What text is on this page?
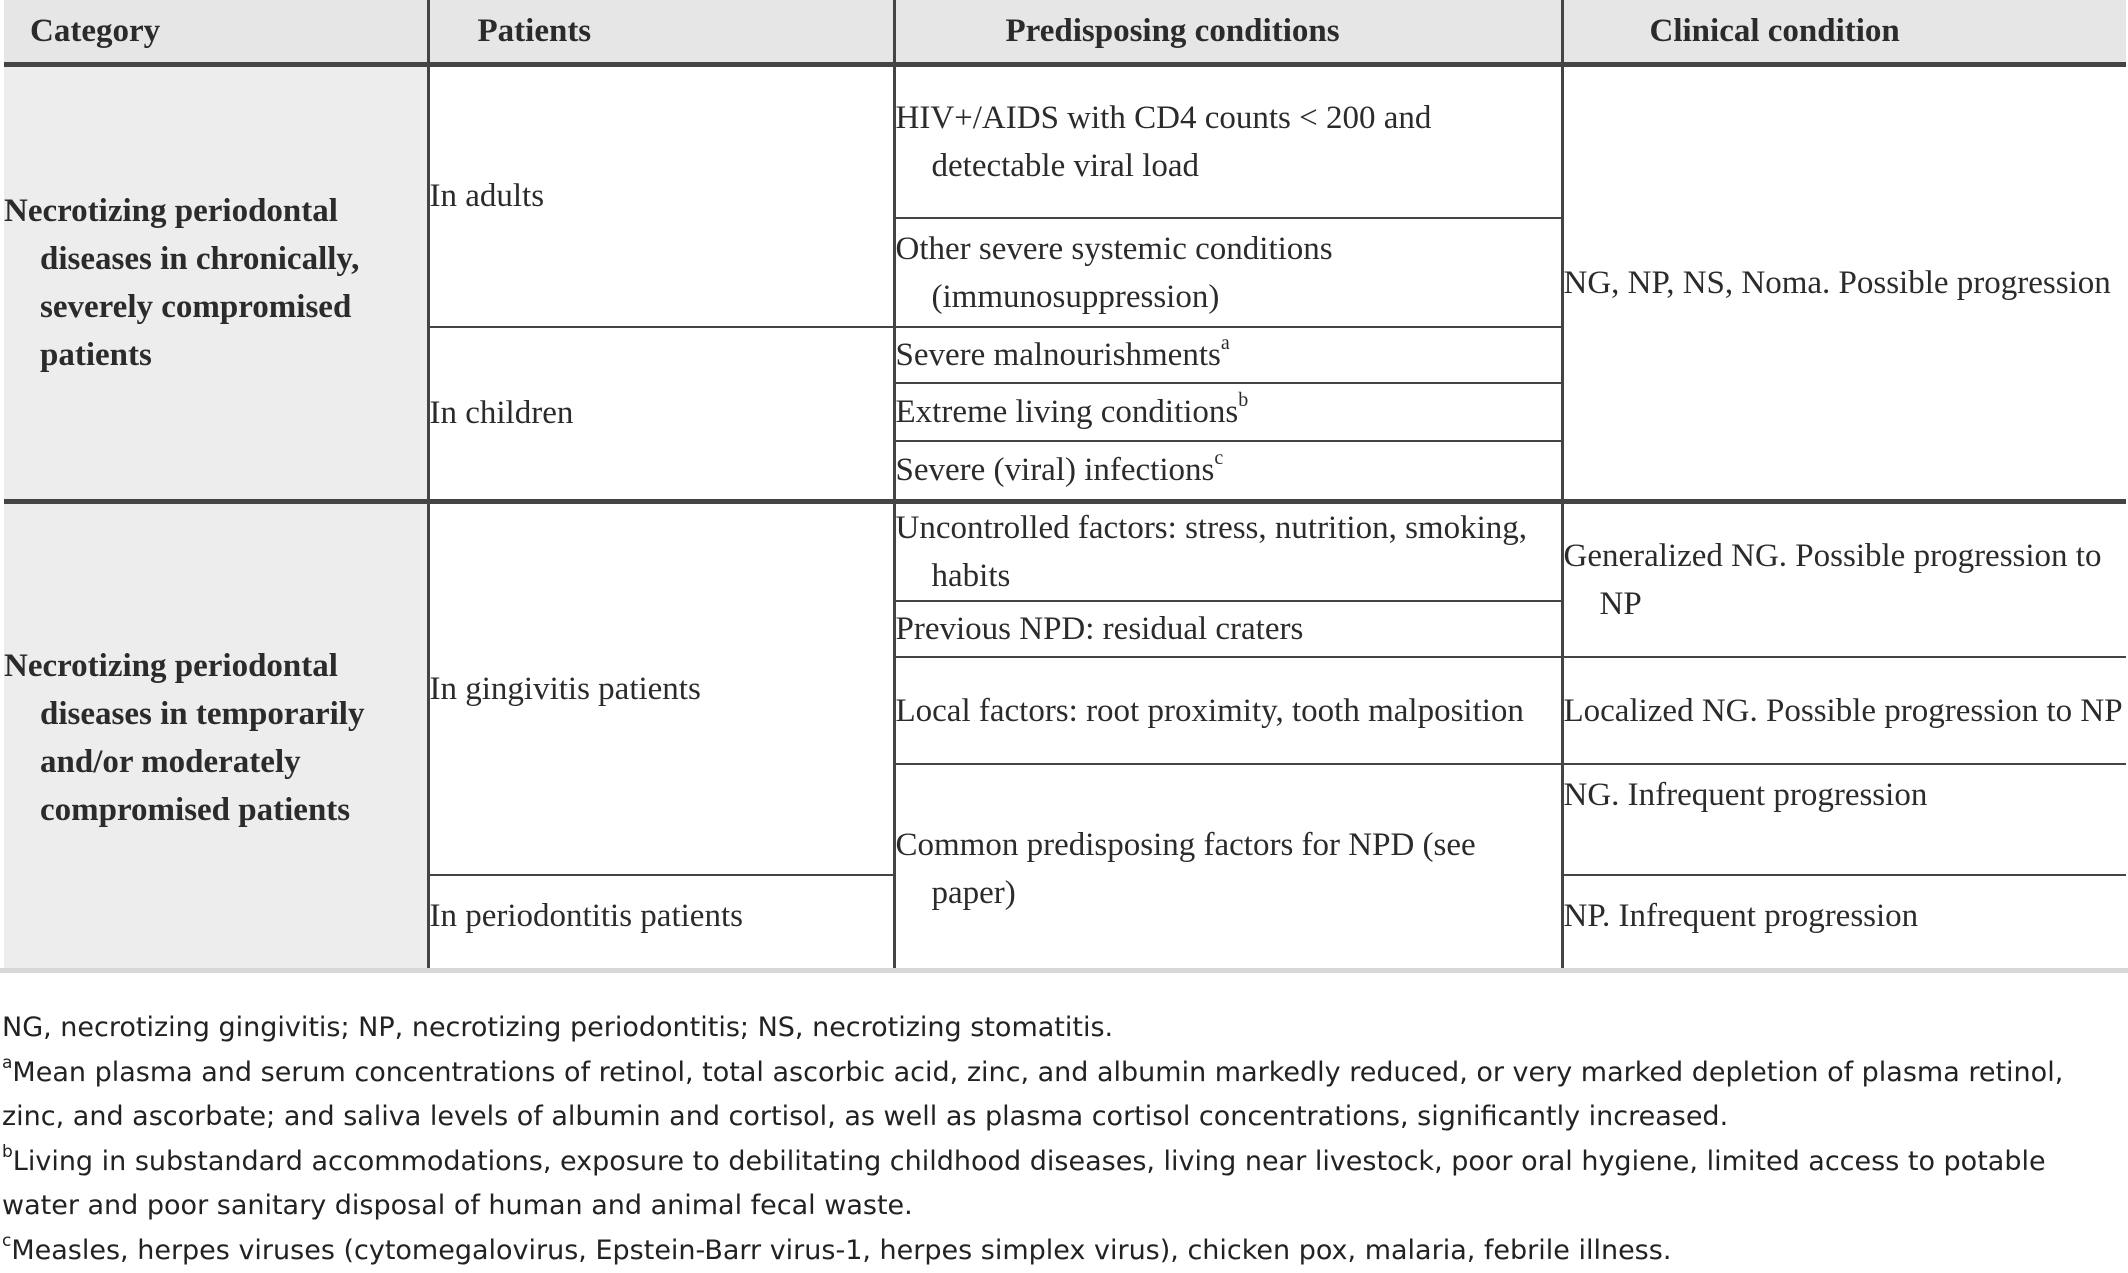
Category	Patients	Predisposing conditions	Clinical condition

Necrotizing periodontal diseases in chronically, severely compromised patients	In adults	HIV+/AIDS with CD4 counts < 200 and detectable viral load	NG, NP, NS, Noma. Possible progression

		Other severe systemic conditions (immunosuppression)	

	In children	Severe malnourishments$^a$
		Extreme living conditions$^b$
		Severe (viral) infections$^c$

Necrotizing periodontal diseases in temporarily and/or moderately compromised patients	In gingivitis patients	Uncontrolled factors: stress, nutrition, smoking, habits	Generalized NG. Possible progression to NP

		Previous NPD: residual craters	

		Local factors: root proximity, tooth malposition	Localized NG. Possible progression to NP

		Common predisposing factors for NPD (see paper)	NG. Infrequent progression
	In periodontitis patients		NP. Infrequent progression

NG, necrotizing gingivitis; NP, necrotizing periodontitis; NS, necrotizing stomatitis.

$^a$Mean plasma and serum concentrations of retinol, total ascorbic acid, zinc, and albumin markedly reduced, or very marked depletion of plasma retinol, zinc, and ascorbate; and saliva levels of albumin and cortisol, as well as plasma cortisol concentrations, significantly increased.

$^b$Living in substandard accommodations, exposure to debilitating childhood diseases, living near livestock, poor oral hygiene, limited access to potable water and poor sanitary disposal of human and animal fecal waste.

$^c$Measles, herpes viruses (cytomegalovirus, Epstein-Barr virus-1, herpes simplex virus), chicken pox, malaria, febrile illness.
